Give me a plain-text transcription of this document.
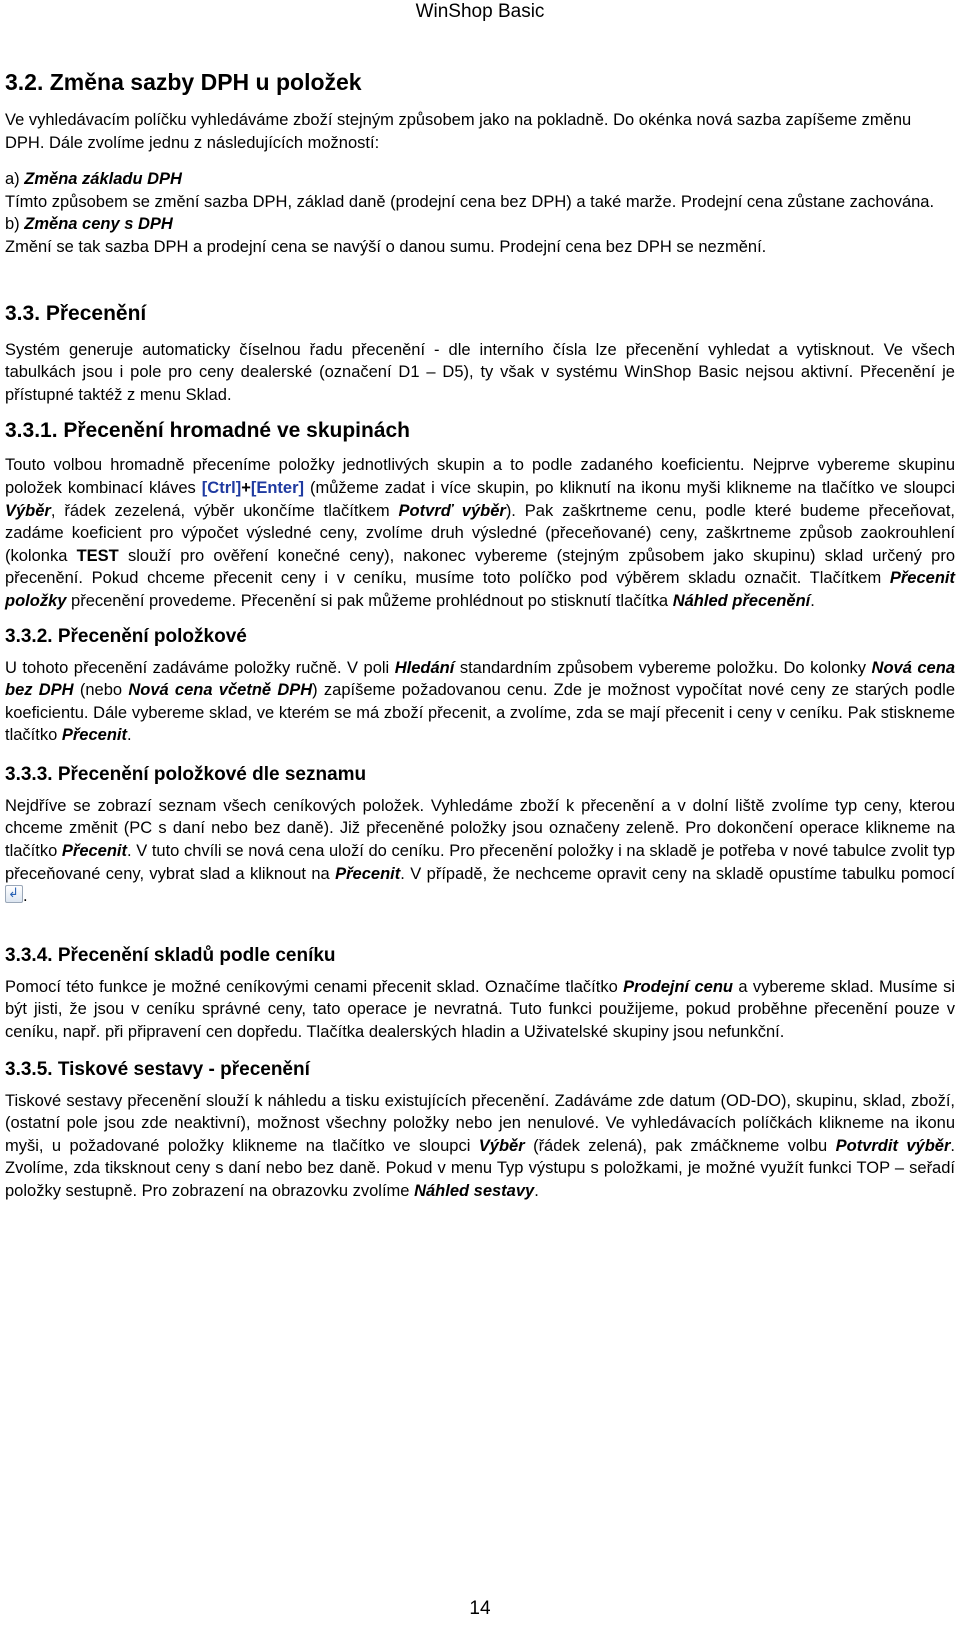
WinShop Basic
3.2. Změna sazby DPH u položek

Ve vyhledávacím políčku vyhledáváme zboží stejným způsobem jako na pokladně. Do okénka nová sazba zapíšeme změnu DPH. Dále zvolíme jednu z následujících možností:

a) Změna základu DPH

Tímto způsobem se změní sazba DPH, základ daně (prodejní cena bez DPH) a také marže. Prodejní cena zůstane zachována.

b) Změna ceny s DPH

Změní se tak sazba DPH a prodejní cena se navýší o danou sumu. Prodejní cena bez DPH se nezmění.

3.3. Přecenění

Systém generuje automaticky číselnou řadu přecenění - dle interního čísla lze přecenění vyhledat a vytisknout. Ve všech tabulkách jsou i pole pro ceny dealerské (označení D1 – D5), ty však v systému WinShop Basic nejsou aktivní. Přecenění je přístupné taktéž z menu Sklad.

3.3.1. Přecenění hromadné ve skupinách

Touto volbou hromadně přeceníme položky jednotlivých skupin a to podle zadaného koeficientu. Nejprve vybereme skupinu položek kombinací kláves [Ctrl]+[Enter] (můžeme zadat i více skupin, po kliknutí na ikonu myši klikneme na tlačítko ve sloupci Výběr, řádek zezelená, výběr ukončíme tlačítkem Potvrď výběr). Pak zaškrtneme cenu, podle které budeme přeceňovat, zadáme koeficient pro výpočet výsledné ceny, zvolíme druh výsledné (přeceňované) ceny, zaškrtneme způsob zaokrouhlení (kolonka TEST slouží pro ověření konečné ceny), nakonec vybereme (stejným způsobem jako skupinu) sklad určený pro přecenění. Pokud chceme přecenit ceny i v ceníku, musíme toto políčko pod výběrem skladu označit. Tlačítkem Přecenit položky přecenění provedeme. Přecenění si pak můžeme prohlédnout po stisknutí tlačítka Náhled přecenění.

3.3.2. Přecenění položkové

U tohoto přecenění zadáváme položky ručně. V poli Hledání standardním způsobem vybereme položku. Do kolonky Nová cena bez DPH (nebo Nová cena včetně DPH) zapíšeme požadovanou cenu. Zde je možnost vypočítat nové ceny ze starých podle koeficientu. Dále vybereme sklad, ve kterém se má zboží přecenit, a zvolíme, zda se mají přecenit i ceny v ceníku. Pak stiskneme tlačítko Přecenit.

3.3.3. Přecenění položkové dle seznamu

Nejdříve se zobrazí seznam všech ceníkových položek. Vyhledáme zboží k přecenění a v dolní liště zvolíme typ ceny, kterou chceme změnit (PC s daní nebo bez daně). Již přeceněné položky jsou označeny zeleně. Pro dokončení operace klikneme na tlačítko Přecenit. V tuto chvíli se nová cena uloží do ceníku. Pro přecenění položky i na skladě je potřeba v nové tabulce zvolit typ přeceňované ceny, vybrat slad a kliknout na Přecenit. V případě, že nechceme opravit ceny na skladě opustíme tabulku pomocí ↲.

3.3.4. Přecenění skladů podle ceníku

Pomocí této funkce je možné ceníkovými cenami přecenit sklad. Označíme tlačítko Prodejní cenu a vybereme sklad. Musíme si být jisti, že jsou v ceníku správné ceny, tato operace je nevratná. Tuto funkci použijeme, pokud proběhne přecenění pouze v ceníku, např. při připravení cen dopředu. Tlačítka dealerských hladin a Uživatelské skupiny jsou nefunkční.

3.3.5. Tiskové sestavy - přecenění

Tiskové sestavy přecenění slouží k náhledu a tisku existujících přecenění. Zadáváme zde datum (OD-DO), skupinu, sklad, zboží, (ostatní pole jsou zde neaktivní), možnost všechny položky nebo jen nenulové. Ve vyhledávacích políčkách klikneme na ikonu myši, u požadované položky klikneme na tlačítko ve sloupci Výběr (řádek zelená), pak zmáčkneme volbu Potvrdit výběr. Zvolíme, zda tiksknout ceny s daní nebo bez daně. Pokud v menu Typ výstupu s položkami, je možné využít funkci TOP – seřadí položky sestupně. Pro zobrazení na obrazovku zvolíme Náhled sestavy.

14
